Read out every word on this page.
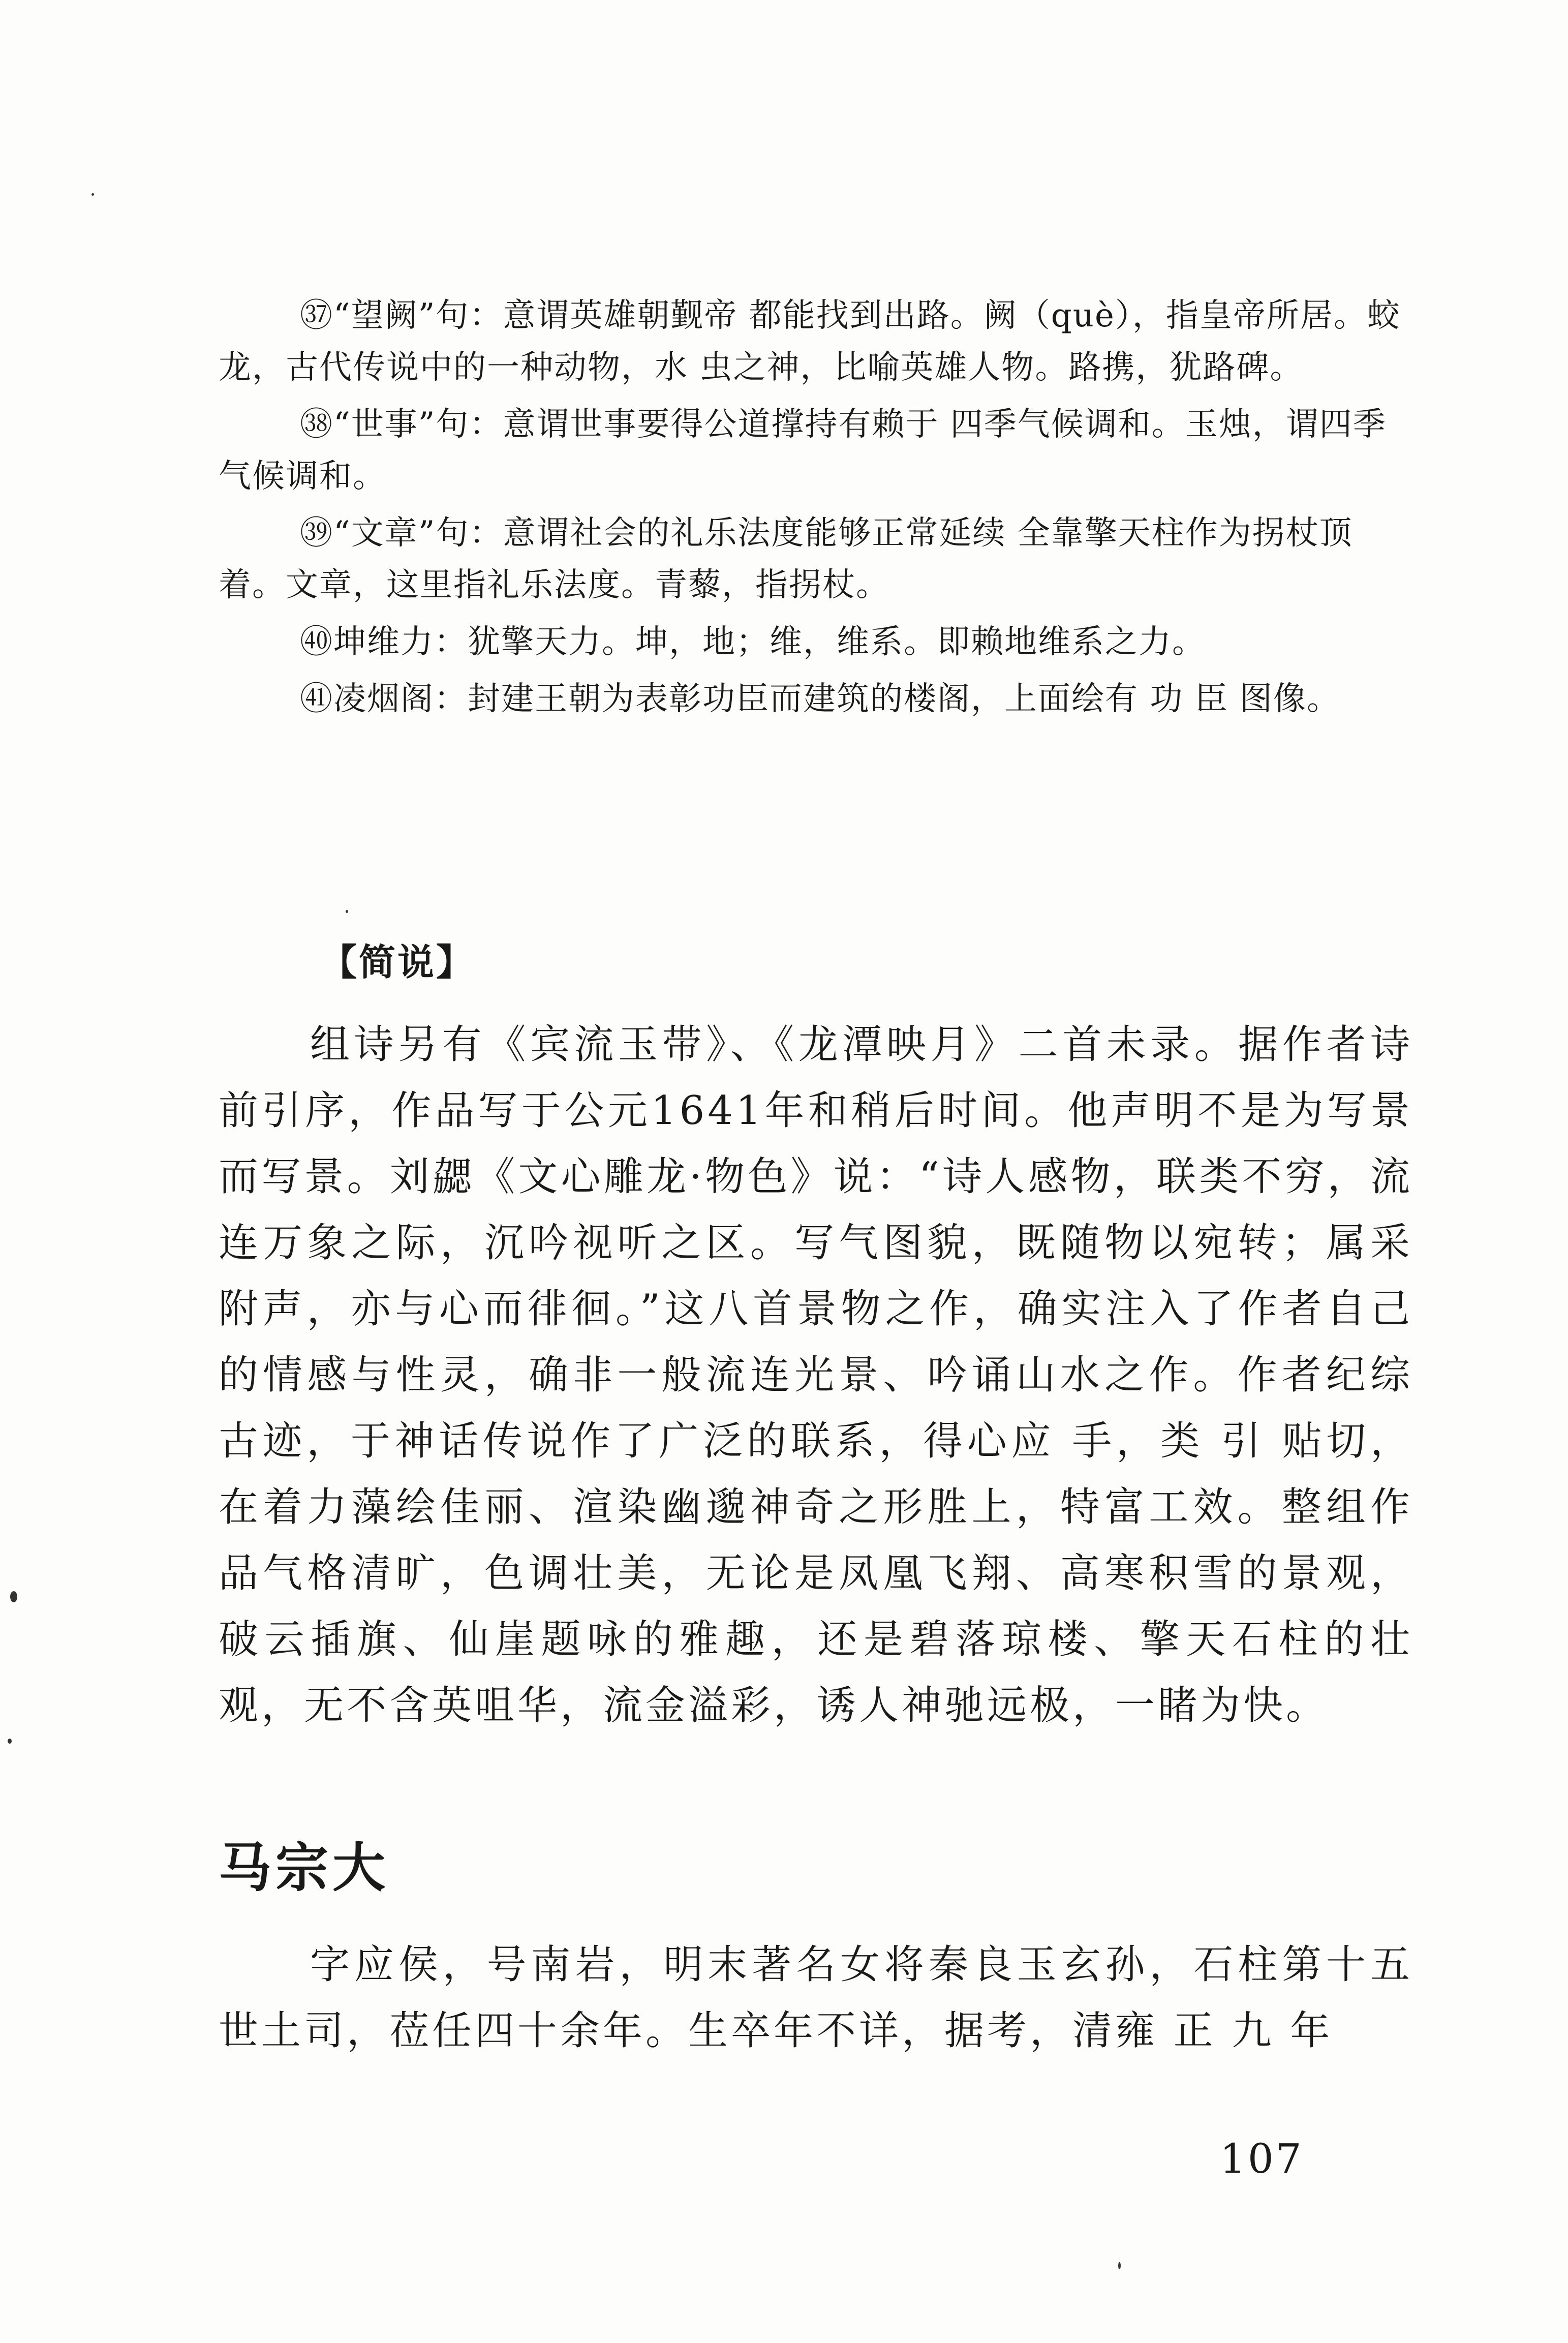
㊲“望阙”句：意谓英雄朝觐帝 都能找到出路。阙（què），指皇帝所居。蛟龙，古代传说中的一种动物，水 虫之神，比喻英雄人物。路携，犹路碑。

㊳“世事”句：意谓世事要得公道撑持有赖于 四季气候调和。玉烛，谓四季气候调和。

㊴“文章”句：意谓社会的礼乐法度能够正常延续 全靠擎天柱作为拐杖顶着。文章，这里指礼乐法度。青藜，指拐杖。

㊵坤维力：犹擎天力。坤，地；维，维系。即赖地维系之力。

㊶凌烟阁：封建王朝为表彰功臣而建筑的楼阁，上面绘有 功 臣 图像。

【简说】

组诗另有《宾流玉带》、《龙潭映月》二首未录。据作者诗前引序，作品写于公元1641年和稍后时间。他声明不是为写景而写景。刘勰《文心雕龙·物色》说：“诗人感物，联类不穷，流连万象之际，沉吟视听之区。写气图貌，既随物以宛转；属采附声，亦与心而徘徊。”这八首景物之作，确实注入了作者自己的情感与性灵，确非一般流连光景、吟诵山水之作。作者纪综古迹，于神话传说作了广泛的联系，得心应 手，类 引 贴切，在着力藻绘佳丽、渲染幽邈神奇之形胜上，特富工效。整组作品气格清旷，色调壮美，无论是凤凰飞翔、高寒积雪的景观，破云插旗、仙崖题咏的雅趣，还是碧落琼楼、擎天石柱的壮观，无不含英咀华，流金溢彩，诱人神驰远极，一睹为快。

马宗大

字应侯，号南岩，明末著名女将秦良玉玄孙，石柱第十五世土司，莅任四十余年。生卒年不详，据考，清雍 正 九 年

107
